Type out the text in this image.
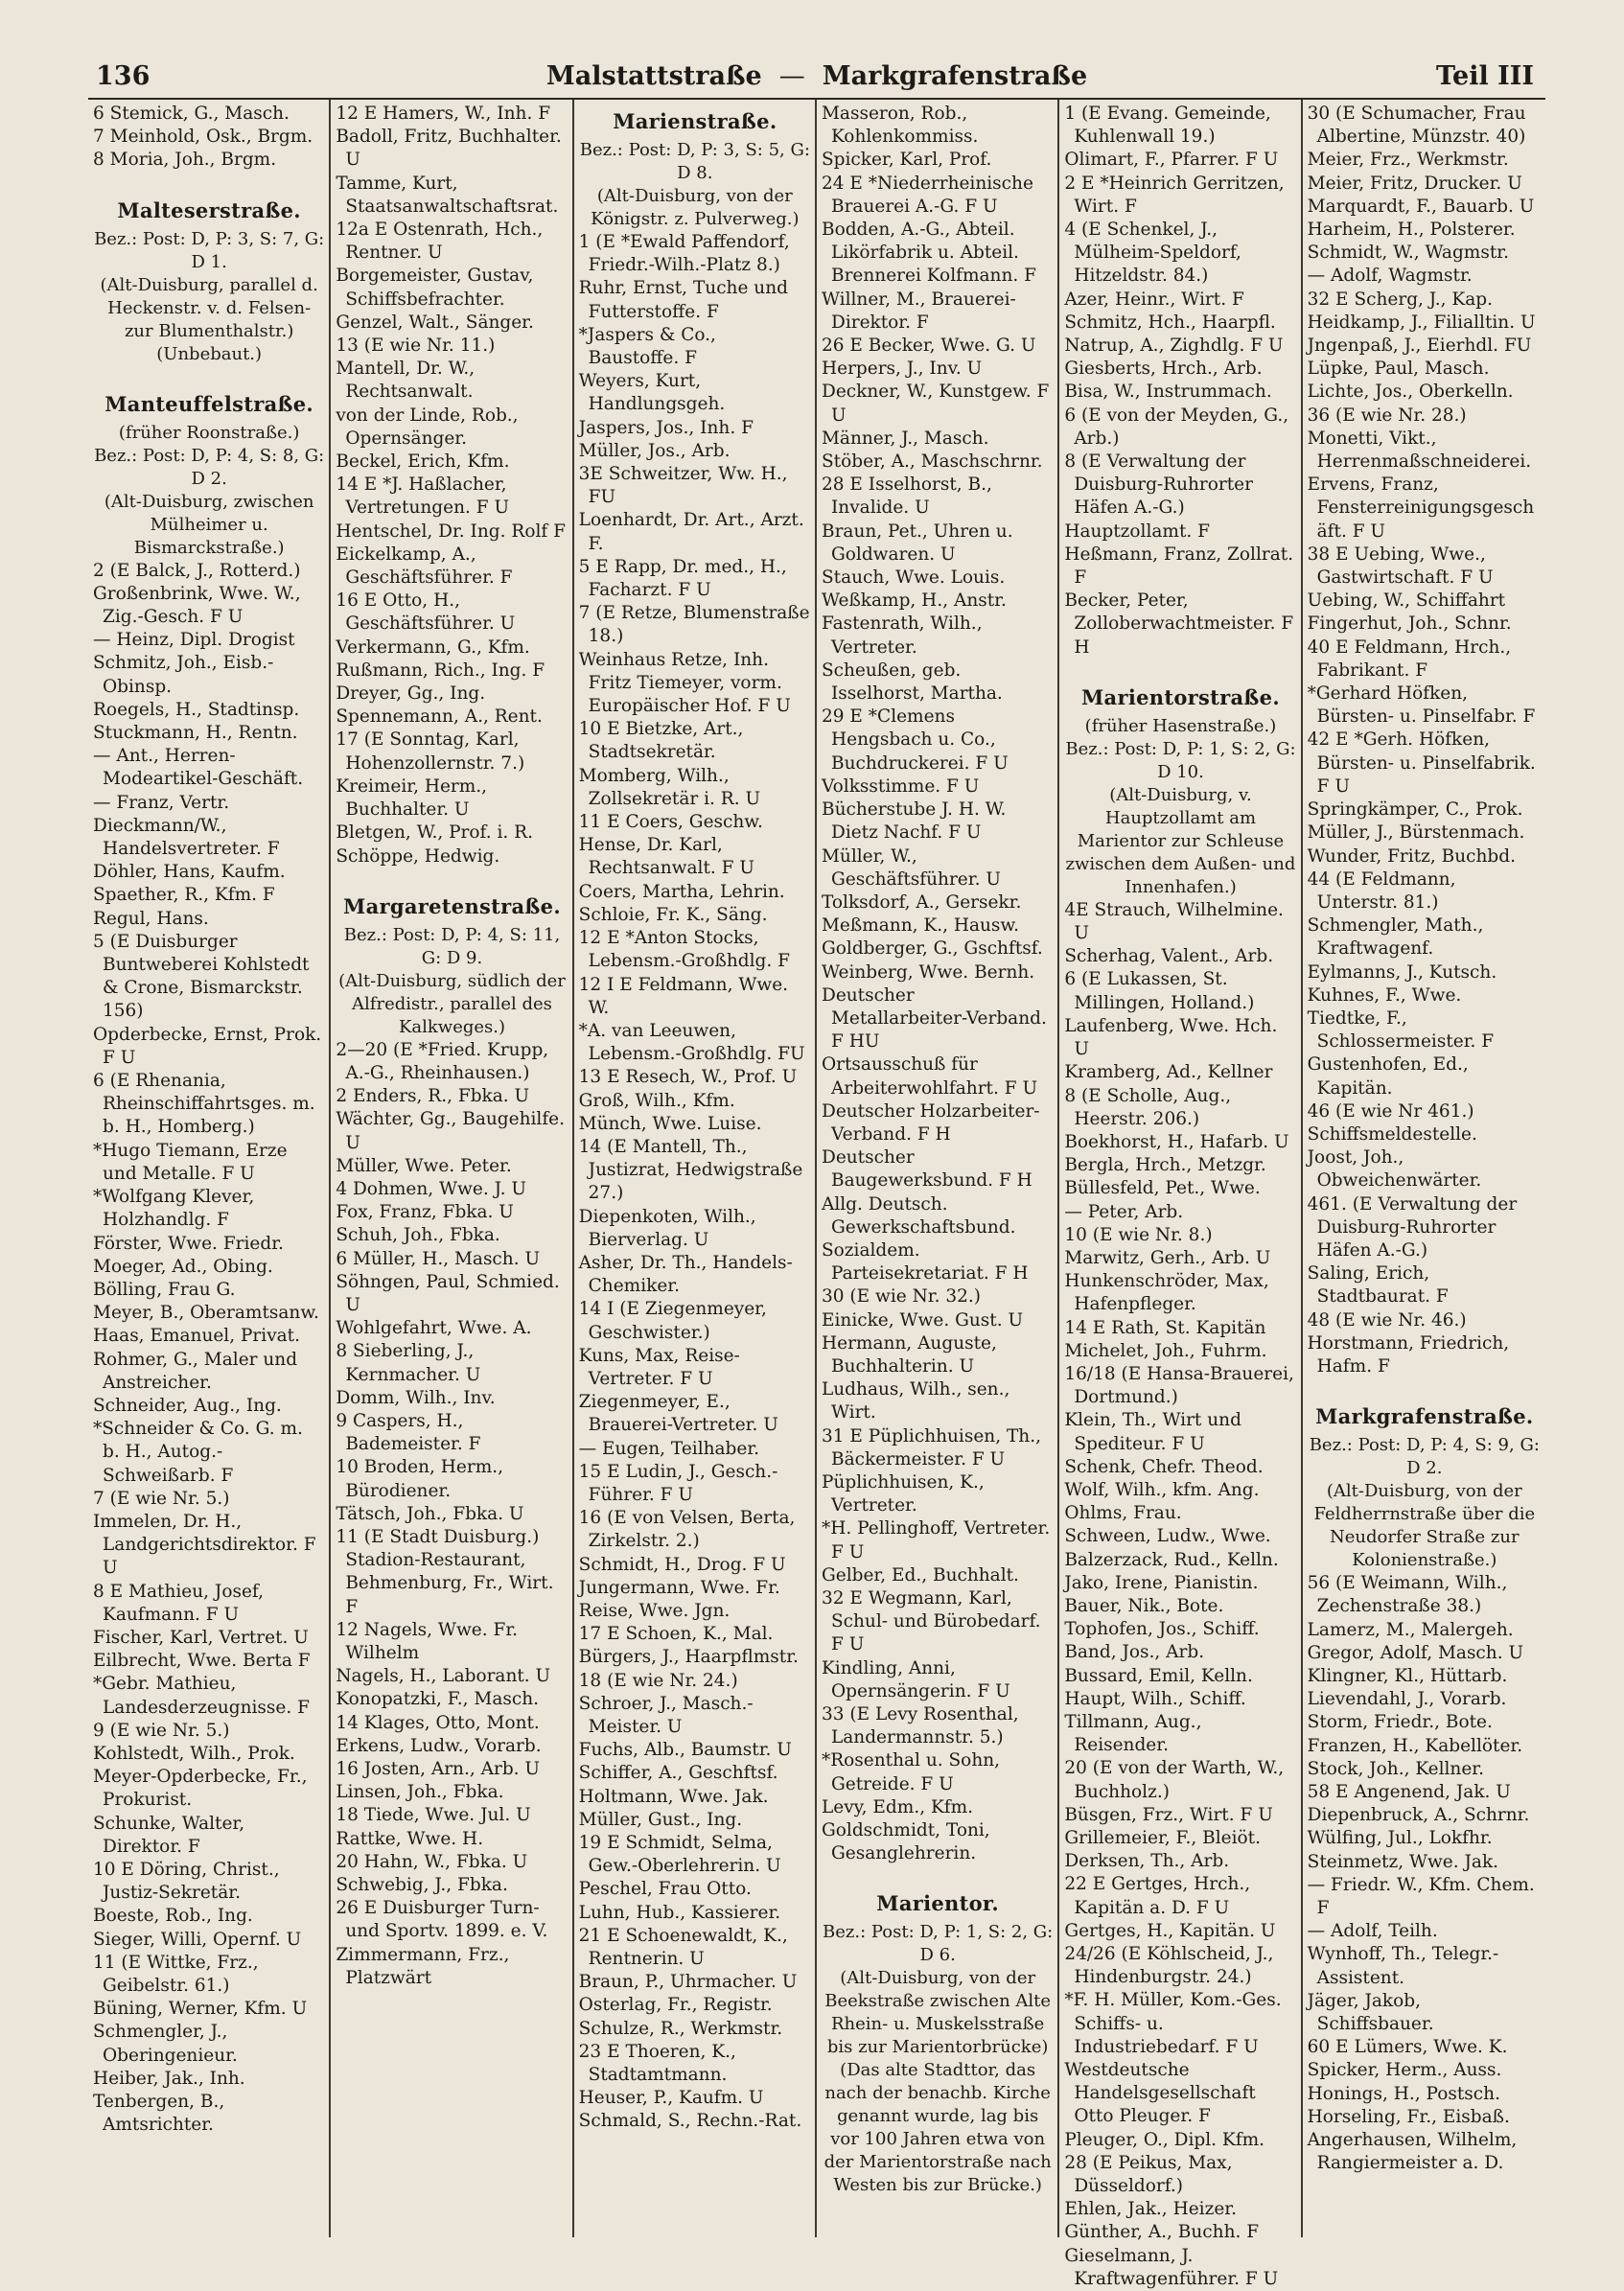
136	Malstattstraße — Markgrafenstraße	Teil III

6 Stemick, G., Masch.

7 Meinhold, Osk., Brgm.

8 Moria, Joh., Brgm.

Malteserstraße.

Bez.: Post: D, P: 3, S: 7, G: D 1.

(Alt-Duisburg, parallel d. Heckenstr. v. d. Felsen- zur Blumenthalstr.)

(Unbebaut.)

Manteuffelstraße.

(früher Roonstraße.)

Bez.: Post: D, P: 4, S: 8, G: D 2.

(Alt-Duisburg, zwischen Mülheimer u. Bismarckstraße.)

2 (E Balck, J., Rotterd.)

Großenbrink, Wwe. W., Zig.-Gesch. F U

— Heinz, Dipl. Drogist

Schmitz, Joh., Eisb.-Obinsp.

Roegels, H., Stadtinsp.

Stuckmann, H., Rentn.

— Ant., Herren-Modeartikel-Geschäft.

— Franz, Vertr.

Dieckmann/W., Handelsvertreter. F

Döhler, Hans, Kaufm.

Spaether, R., Kfm. F

Regul, Hans.

5 (E Duisburger Buntweberei Kohlstedt & Crone, Bismarckstr. 156)

Opderbecke, Ernst, Prok. F U

6 (E Rhenania, Rheinschiffahrtsges. m. b. H., Homberg.)

*Hugo Tiemann, Erze und Metalle. F U

*Wolfgang Klever, Holzhandlg. F

Förster, Wwe. Friedr.

Moeger, Ad., Obing.

Bölling, Frau G.

Meyer, B., Oberamtsanw.

Haas, Emanuel, Privat.

Rohmer, G., Maler und Anstreicher.

Schneider, Aug., Ing.

*Schneider & Co. G. m. b. H., Autog.-Schweißarb. F

7 (E wie Nr. 5.)

Immelen, Dr. H., Landgerichtsdirektor. F U

8 E Mathieu, Josef, Kaufmann. F U

Fischer, Karl, Vertret. U

Eilbrecht, Wwe. Berta F

*Gebr. Mathieu, Landesderzeugnisse. F

9 (E wie Nr. 5.)

Kohlstedt, Wilh., Prok.

Meyer-Opderbecke, Fr., Prokurist.

Schunke, Walter, Direktor. F

10 E Döring, Christ., Justiz-Sekretär.

Boeste, Rob., Ing.

Sieger, Willi, Opernf. U

11 (E Wittke, Frz., Geibelstr. 61.)

Büning, Werner, Kfm. U

Schmengler, J., Oberingenieur.

Heiber, Jak., Inh.

Tenbergen, B., Amtsrichter.

12 E Hamers, W., Inh. F

Badoll, Fritz, Buchhalter. U

Tamme, Kurt, Staatsanwaltschaftsrat.

12a E Ostenrath, Hch., Rentner. U

Borgemeister, Gustav, Schiffsbefrachter.

Genzel, Walt., Sänger.

13 (E wie Nr. 11.)

Mantell, Dr. W., Rechtsanwalt.

von der Linde, Rob., Opernsänger.

Beckel, Erich, Kfm.

14 E *J. Haßlacher, Vertretungen. F U

Hentschel, Dr. Ing. Rolf F

Eickelkamp, A., Geschäftsführer. F

16 E Otto, H., Geschäftsführer. U

Verkermann, G., Kfm.

Rußmann, Rich., Ing. F

Dreyer, Gg., Ing.

Spennemann, A., Rent.

17 (E Sonntag, Karl, Hohenzollernstr. 7.)

Kreimeir, Herm., Buchhalter. U

Bletgen, W., Prof. i. R.

Schöppe, Hedwig.

Margaretenstraße.

Bez.: Post: D, P: 4, S: 11, G: D 9.

(Alt-Duisburg, südlich der Alfredistr., parallel des Kalkweges.)

2—20 (E *Fried. Krupp, A.-G., Rheinhausen.)

2 Enders, R., Fbka. U

Wächter, Gg., Baugehilfe. U

Müller, Wwe. Peter.

4 Dohmen, Wwe. J. U

Fox, Franz, Fbka. U

Schuh, Joh., Fbka.

6 Müller, H., Masch. U

Söhngen, Paul, Schmied. U

Wohlgefahrt, Wwe. A.

8 Sieberling, J., Kernmacher. U

Domm, Wilh., Inv.

9 Caspers, H., Bademeister. F

10 Broden, Herm., Bürodiener.

Tätsch, Joh., Fbka. U

11 (E Stadt Duisburg.) Stadion-Restaurant, Behmenburg, Fr., Wirt. F

12 Nagels, Wwe. Fr. Wilhelm

Nagels, H., Laborant. U

Konopatzki, F., Masch.

14 Klages, Otto, Mont.

Erkens, Ludw., Vorarb.

16 Josten, Arn., Arb. U

Linsen, Joh., Fbka.

18 Tiede, Wwe. Jul. U

Rattke, Wwe. H.

20 Hahn, W., Fbka. U

Schwebig, J., Fbka.

26 E Duisburger Turn- und Sportv. 1899. e. V.

Zimmermann, Frz., Platzwärt

Marienstraße.

Bez.: Post: D, P: 3, S: 5, G: D 8.

(Alt-Duisburg, von der Königstr. z. Pulverweg.)

1 (E *Ewald Paffendorf, Friedr.-Wilh.-Platz 8.)

Ruhr, Ernst, Tuche und Futterstoffe. F

*Jaspers & Co., Baustoffe. F

Weyers, Kurt, Handlungsgeh.

Jaspers, Jos., Inh. F

Müller, Jos., Arb.

3E Schweitzer, Ww. H., FU

Loenhardt, Dr. Art., Arzt. F.

5 E Rapp, Dr. med., H., Facharzt. F U

7 (E Retze, Blumenstraße 18.)

Weinhaus Retze, Inh. Fritz Tiemeyer, vorm. Europäischer Hof. F U

10 E Bietzke, Art., Stadtsekretär.

Momberg, Wilh., Zollsekretär i. R. U

11 E Coers, Geschw.

Hense, Dr. Karl, Rechtsanwalt. F U

Coers, Martha, Lehrin.

Schloie, Fr. K., Säng.

12 E *Anton Stocks, Lebensm.-Großhdlg. F

12 I E Feldmann, Wwe. W.

*A. van Leeuwen, Lebensm.-Großhdlg. FU

13 E Resech, W., Prof. U

Groß, Wilh., Kfm.

Münch, Wwe. Luise.

14 (E Mantell, Th., Justizrat, Hedwigstraße 27.)

Diepenkoten, Wilh., Bierverlag. U

Asher, Dr. Th., Handels-Chemiker.

14 I (E Ziegenmeyer, Geschwister.)

Kuns, Max, Reise-Vertreter. F U

Ziegenmeyer, E., Brauerei-Vertreter. U

— Eugen, Teilhaber.

15 E Ludin, J., Gesch.-Führer. F U

16 (E von Velsen, Berta, Zirkelstr. 2.)

Schmidt, H., Drog. F U

Jungermann, Wwe. Fr.

Reise, Wwe. Jgn.

17 E Schoen, K., Mal.

Bürgers, J., Haarpflmstr.

18 (E wie Nr. 24.)

Schroer, J., Masch.-Meister. U

Fuchs, Alb., Baumstr. U

Schiffer, A., Geschftsf.

Holtmann, Wwe. Jak.

Müller, Gust., Ing.

19 E Schmidt, Selma, Gew.-Oberlehrerin. U

Peschel, Frau Otto.

Luhn, Hub., Kassierer.

21 E Schoenewaldt, K., Rentnerin. U

Braun, P., Uhrmacher. U

Osterlag, Fr., Registr.

Schulze, R., Werkmstr.

23 E Thoeren, K., Stadtamtmann.

Heuser, P., Kaufm. U

Schmald, S., Rechn.-Rat.

Masseron, Rob., Kohlenkommiss.

Spicker, Karl, Prof.

24 E *Niederrheinische Brauerei A.-G. F U

Bodden, A.-G., Abteil. Likörfabrik u. Abteil. Brennerei Kolfmann. F

Willner, M., Brauerei-Direktor. F

26 E Becker, Wwe. G. U

Herpers, J., Inv. U

Deckner, W., Kunstgew. F U

Männer, J., Masch.

Stöber, A., Maschschrnr.

28 E Isselhorst, B., Invalide. U

Braun, Pet., Uhren u. Goldwaren. U

Stauch, Wwe. Louis.

Weßkamp, H., Anstr.

Fastenrath, Wilh., Vertreter.

Scheußen, geb. Isselhorst, Martha.

29 E *Clemens Hengsbach u. Co., Buchdruckerei. F U

Volksstimme. F U

Bücherstube J. H. W. Dietz Nachf. F U

Müller, W., Geschäftsführer. U

Tolksdorf, A., Gersekr.

Meßmann, K., Hausw.

Goldberger, G., Gschftsf.

Weinberg, Wwe. Bernh.

Deutscher Metallarbeiter-Verband. F HU

Ortsausschuß für Arbeiterwohlfahrt. F U

Deutscher Holzarbeiter-Verband. F H

Deutscher Baugewerksbund. F H

Allg. Deutsch. Gewerkschaftsbund.

Sozialdem. Parteisekretariat. F H

30 (E wie Nr. 32.)

Einicke, Wwe. Gust. U

Hermann, Auguste, Buchhalterin. U

Ludhaus, Wilh., sen., Wirt.

31 E Püplichhuisen, Th., Bäckermeister. F U

Püplichhuisen, K., Vertreter.

*H. Pellinghoff, Vertreter. F U

Gelber, Ed., Buchhalt.

32 E Wegmann, Karl, Schul- und Bürobedarf. F U

Kindling, Anni, Opernsängerin. F U

33 (E Levy Rosenthal, Landermannstr. 5.)

*Rosenthal u. Sohn, Getreide. F U

Levy, Edm., Kfm.

Goldschmidt, Toni, Gesanglehrerin.

Marientor.

Bez.: Post: D, P: 1, S: 2, G: D 6.

(Alt-Duisburg, von der Beekstraße zwischen Alte Rhein- u. Muskelsstraße bis zur Marientorbrücke)

(Das alte Stadttor, das nach der benachb. Kirche genannt wurde, lag bis vor 100 Jahren etwa von der Marientorstraße nach Westen bis zur Brücke.)

1 (E Evang. Gemeinde, Kuhlenwall 19.)

Olimart, F., Pfarrer. F U

2 E *Heinrich Gerritzen, Wirt. F

4 (E Schenkel, J., Mülheim-Speldorf, Hitzeldstr. 84.)

Azer, Heinr., Wirt. F

Schmitz, Hch., Haarpfl.

Natrup, A., Zighdlg. F U

Giesberts, Hrch., Arb.

Bisa, W., Instrummach.

6 (E von der Meyden, G., Arb.)

8 (E Verwaltung der Duisburg-Ruhrorter Häfen A.-G.)

Hauptzollamt. F

Heßmann, Franz, Zollrat. F

Becker, Peter, Zolloberwachtmeister. F H

Marientorstraße.

(früher Hasenstraße.)

Bez.: Post: D, P: 1, S: 2, G: D 10.

(Alt-Duisburg, v. Hauptzollamt am Marientor zur Schleuse zwischen dem Außen- und Innenhafen.)

4E Strauch, Wilhelmine. U

Scherhag, Valent., Arb.

6 (E Lukassen, St. Millingen, Holland.)

Laufenberg, Wwe. Hch. U

Kramberg, Ad., Kellner

8 (E Scholle, Aug., Heerstr. 206.)

Boekhorst, H., Hafarb. U

Bergla, Hrch., Metzgr.

Büllesfeld, Pet., Wwe.

— Peter, Arb.

10 (E wie Nr. 8.)

Marwitz, Gerh., Arb. U

Hunkenschröder, Max, Hafenpfleger.

14 E Rath, St. Kapitän

Michelet, Joh., Fuhrm.

16/18 (E Hansa-Brauerei, Dortmund.)

Klein, Th., Wirt und Spediteur. F U

Schenk, Chefr. Theod.

Wolf, Wilh., kfm. Ang.

Ohlms, Frau.

Schween, Ludw., Wwe.

Balzerzack, Rud., Kelln.

Jako, Irene, Pianistin.

Bauer, Nik., Bote.

Tophofen, Jos., Schiff.

Band, Jos., Arb.

Bussard, Emil, Kelln.

Haupt, Wilh., Schiff.

Tillmann, Aug., Reisender.

20 (E von der Warth, W., Buchholz.)

Büsgen, Frz., Wirt. F U

Grillemeier, F., Bleiöt.

Derksen, Th., Arb.

22 E Gertges, Hrch., Kapitän a. D. F U

Gertges, H., Kapitän. U

24/26 (E Köhlscheid, J., Hindenburgstr. 24.)

*F. H. Müller, Kom.-Ges. Schiffs- u. Industriebedarf. F U

Westdeutsche Handelsgesellschaft Otto Pleuger. F

Pleuger, O., Dipl. Kfm.

28 (E Peikus, Max, Düsseldorf.)

Ehlen, Jak., Heizer.

Günther, A., Buchh. F

Gieselmann, J. Kraftwagenführer. F U

30 (E Schumacher, Frau Albertine, Münzstr. 40)

Meier, Frz., Werkmstr.

Meier, Fritz, Drucker. U

Marquardt, F., Bauarb. U

Harheim, H., Polsterer.

Schmidt, W., Wagmstr.

— Adolf, Wagmstr.

32 E Scherg, J., Kap.

Heidkamp, J., Filialltin. U

Jngenpaß, J., Eierhdl. FU

Lüpke, Paul, Masch.

Lichte, Jos., Oberkelln.

36 (E wie Nr. 28.)

Monetti, Vikt., Herrenmaßschneiderei.

Ervens, Franz, Fensterreinigungsgeschäft. F U

38 E Uebing, Wwe., Gastwirtschaft. F U

Uebing, W., Schiffahrt

Fingerhut, Joh., Schnr.

40 E Feldmann, Hrch., Fabrikant. F

*Gerhard Höfken, Bürsten- u. Pinselfabr. F

42 E *Gerh. Höfken, Bürsten- u. Pinselfabrik. F U

Springkämper, C., Prok.

Müller, J., Bürstenmach.

Wunder, Fritz, Buchbd.

44 (E Feldmann, Unterstr. 81.)

Schmengler, Math., Kraftwagenf.

Eylmanns, J., Kutsch.

Kuhnes, F., Wwe.

Tiedtke, F., Schlossermeister. F

Gustenhofen, Ed., Kapitän.

46 (E wie Nr 461.)

Schiffsmeldestelle.

Joost, Joh., Obweichenwärter.

461. (E Verwaltung der Duisburg-Ruhrorter Häfen A.-G.)

Saling, Erich, Stadtbaurat. F

48 (E wie Nr. 46.)

Horstmann, Friedrich, Hafm. F

Markgrafenstraße.

Bez.: Post: D, P: 4, S: 9, G: D 2.

(Alt-Duisburg, von der Feldherrnstraße über die Neudorfer Straße zur Kolonienstraße.)

56 (E Weimann, Wilh., Zechenstraße 38.)

Lamerz, M., Malergeh.

Gregor, Adolf, Masch. U

Klingner, Kl., Hüttarb.

Lievendahl, J., Vorarb.

Storm, Friedr., Bote.

Franzen, H., Kabellöter.

Stock, Joh., Kellner.

58 E Angenend, Jak. U

Diepenbruck, A., Schrnr.

Wülfing, Jul., Lokfhr.

Steinmetz, Wwe. Jak.

— Friedr. W., Kfm. Chem. F

— Adolf, Teilh.

Wynhoff, Th., Telegr.-Assistent.

Jäger, Jakob, Schiffsbauer.

60 E Lümers, Wwe. K.

Spicker, Herm., Auss.

Honings, H., Postsch.

Horseling, Fr., Eisbaß.

Angerhausen, Wilhelm, Rangiermeister a. D.
